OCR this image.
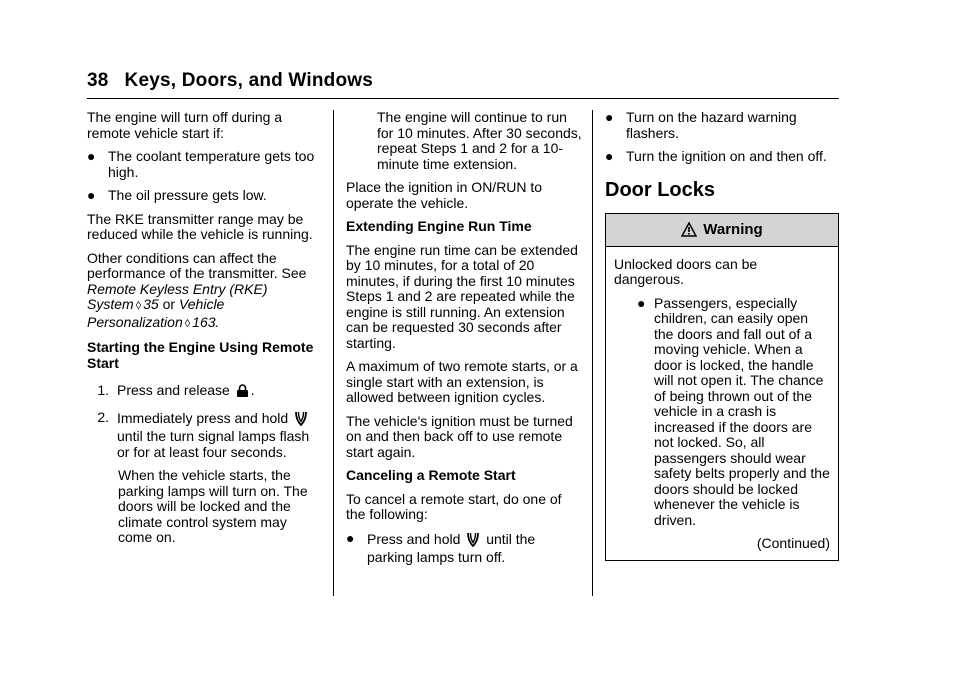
38 Keys, Doors, and Windows

The engine will turn off during a remote vehicle start if:

● The coolant temperature gets too high.
● The oil pressure gets low.

The RKE transmitter range may be reduced while the vehicle is running.

Other conditions can affect the performance of the transmitter. See Remote Keyless Entry (RKE) System ◊ 35 or Vehicle Personalization ◊ 163.

Starting the Engine Using Remote Start

1. Press and release .
2. Immediately press and hold  until the turn signal lamps flash or for at least four seconds.

When the vehicle starts, the parking lamps will turn on. The doors will be locked and the climate control system may come on.

The engine will continue to run for 10 minutes. After 30 seconds, repeat Steps 1 and 2 for a 10-minute time extension.

Place the ignition in ON/RUN to operate the vehicle.

Extending Engine Run Time

The engine run time can be extended by 10 minutes, for a total of 20 minutes, if during the first 10 minutes Steps 1 and 2 are repeated while the engine is still running. An extension can be requested 30 seconds after starting.

A maximum of two remote starts, or a single start with an extension, is allowed between ignition cycles.

The vehicle's ignition must be turned on and then back off to use remote start again.

Canceling a Remote Start

To cancel a remote start, do one of the following:

● Press and hold until the parking lamps turn off.
● Turn on the hazard warning flashers.
● Turn the ignition on and then off.
Door Locks
Warning

Unlocked doors can be dangerous.

● Passengers, especially children, can easily open the doors and fall out of a moving vehicle. When a door is locked, the handle will not open it. The chance of being thrown out of the vehicle in a crash is increased if the doors are not locked. So, all passengers should wear safety belts properly and the doors should be locked whenever the vehicle is driven.

(Continued)
